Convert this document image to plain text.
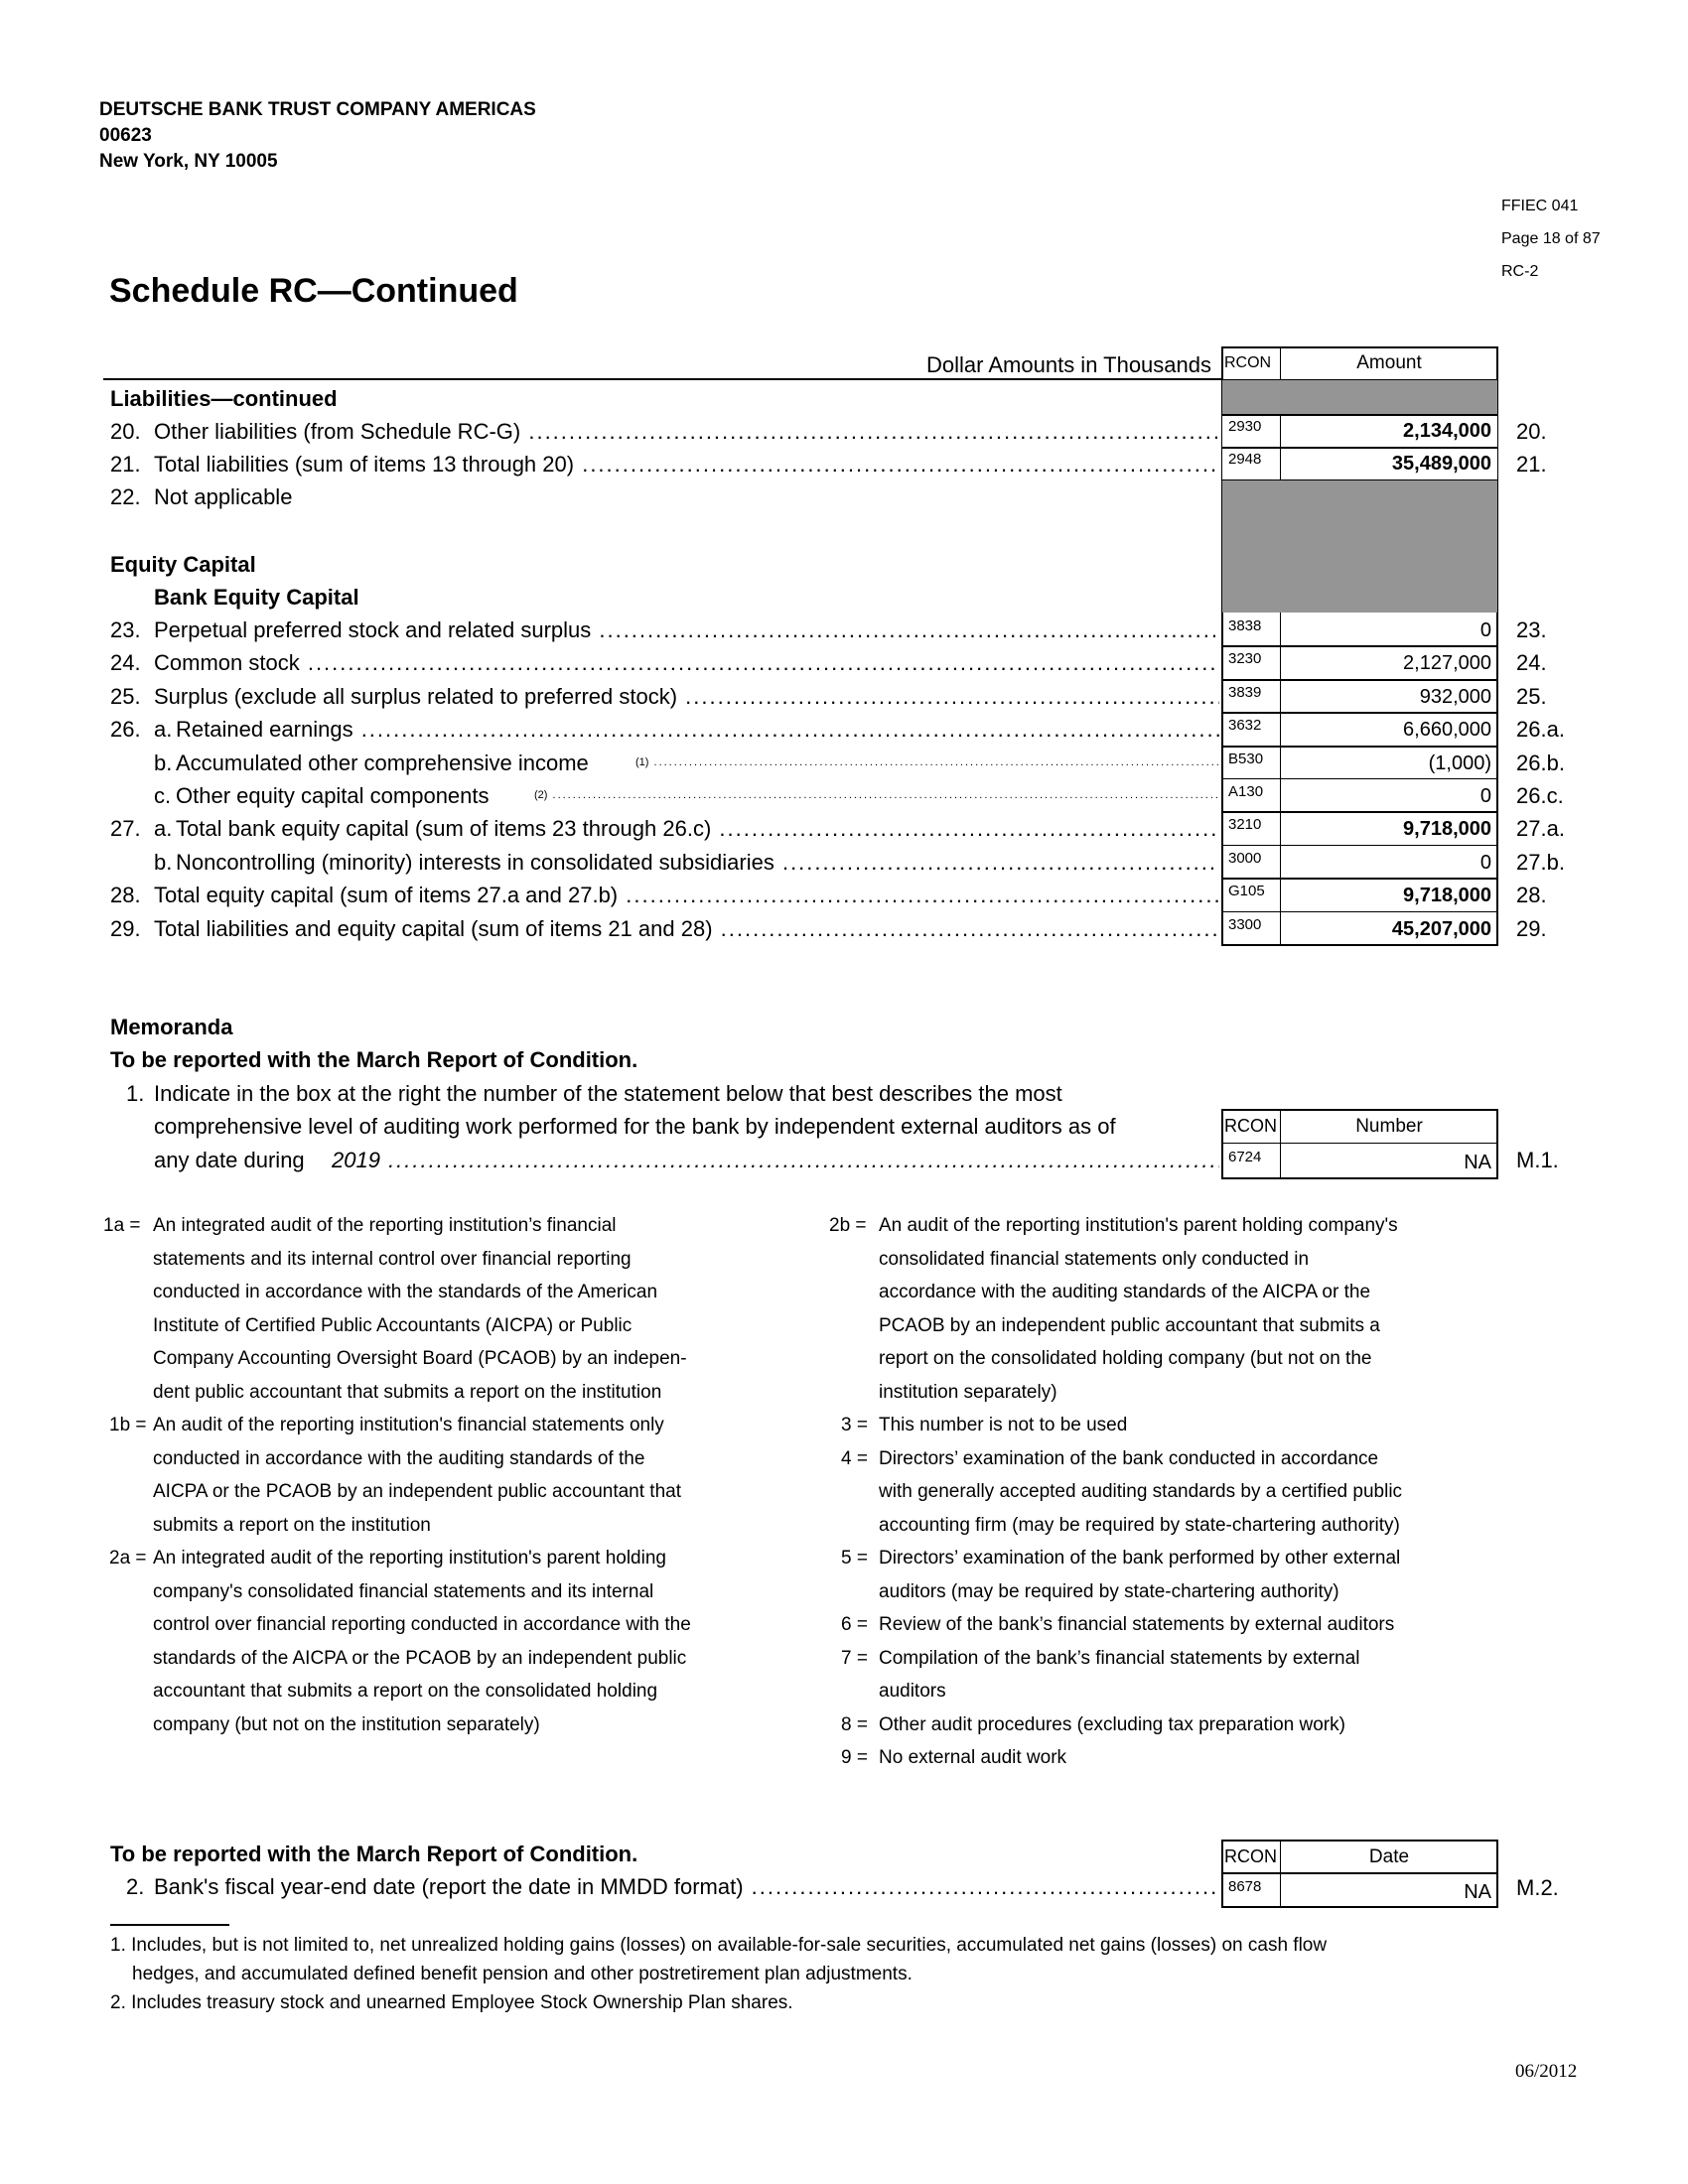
DEUTSCHE BANK TRUST COMPANY AMERICAS
00623
New York, NY 10005
FFIEC 041
Page 18 of 87
RC-2
Schedule RC—Continued
Dollar Amounts in Thousands RCON	Amount
Liabilities—continued
Equity Capital
Bank Equity Capital
20. Other liabilities (from Schedule RC-G) .....	2930	2,134,000 20.
21. Total liabilities (sum of items 13 through 20) .....	2948	35,489,000 21.
22. Not applicable
23. Perpetual preferred stock and related surplus .....	3838	0 23.
24. Common stock .....	3230	2,127,000 24.
25. Surplus (exclude all surplus related to preferred stock) .....	3839	932,000 25.
26. a. Retained earnings .....	3632	6,660,000 26.a.
b. Accumulated other comprehensive income	(1) .....	B530	(1,000) 26.b.
c. Other equity capital components	(2) .....	A130	0 26.c.
27. a. Total bank equity capital (sum of items 23 through 26.c) .....	3210	9,718,000 27.a.
b. Noncontrolling (minority) interests in consolidated subsidiaries .....	3000	0 27.b.
28. Total equity capital (sum of items 27.a and 27.b) .....	G105	9,718,000 28.
29. Total liabilities and equity capital (sum of items 21 and 28) .....	3300	45,207,000 29.
Memoranda
To be reported with the March Report of Condition.
1. Indicate in the box at the right the number of the statement below that best describes the most
comprehensive level of auditing work performed for the bank by independent external auditors as of
any date during 2019 .....
RCON	Number
6724	NA M.1.
1a = An integrated audit of the reporting institution’s financial
statements and its internal control over financial reporting
conducted in accordance with the standards of the American
Institute of Certified Public Accountants (AICPA) or Public
Company Accounting Oversight Board (PCAOB) by an indepen-
dent public accountant that submits a report on the institution
1b = An audit of the reporting institution's financial statements only
conducted in accordance with the auditing standards of the
AICPA or the PCAOB by an independent public accountant that
submits a report on the institution
2a = An integrated audit of the reporting institution's parent holding
company's consolidated financial statements and its internal
control over financial reporting conducted in accordance with the
standards of the AICPA or the PCAOB by an independent public
accountant that submits a report on the consolidated holding
company (but not on the institution separately)
2b = An audit of the reporting institution's parent holding company's
consolidated financial statements only conducted in
accordance with the auditing standards of the AICPA or the
PCAOB by an independent public accountant that submits a
report on the consolidated holding company (but not on the
institution separately)
3 = This number is not to be used
4 = Directors’ examination of the bank conducted in accordance
with generally accepted auditing standards by a certified public
accounting firm (may be required by state-chartering authority)
5 = Directors’ examination of the bank performed by other external
auditors (may be required by state-chartering authority)
6 = Review of the bank’s financial statements by external auditors
7 = Compilation of the bank’s financial statements by external
auditors
8 = Other audit procedures (excluding tax preparation work)
9 = No external audit work
To be reported with the March Report of Condition.
2. Bank's fiscal year-end date (report the date in MMDD format) .....
RCON	Date
8678	NA M.2.
1. Includes, but is not limited to, net unrealized holding gains (losses) on available-for-sale securities, accumulated net gains (losses) on cash flow
hedges, and accumulated defined benefit pension and other postretirement plan adjustments.
2. Includes treasury stock and unearned Employee Stock Ownership Plan shares.
06/2012
